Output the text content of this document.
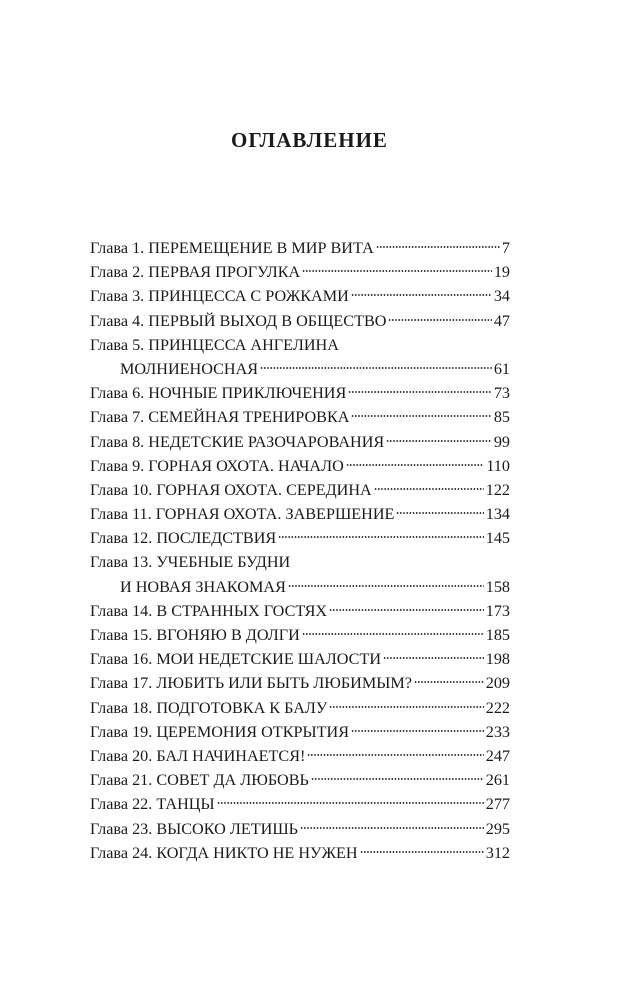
ОГЛАВЛЕНИЕ
Глава 1. ПЕРЕМЕЩЕНИЕ В МИР ВИТА	7
Глава 2. ПЕРВАЯ ПРОГУЛКА	19
Глава 3. ПРИНЦЕССА С РОЖКАМИ	34
Глава 4. ПЕРВЫЙ ВЫХОД В ОБЩЕСТВО	47
Глава 5. ПРИНЦЕССА АНГЕЛИНА
МОЛНИЕНОСНАЯ	61
Глава 6. НОЧНЫЕ ПРИКЛЮЧЕНИЯ	73
Глава 7. СЕМЕЙНАЯ ТРЕНИРОВКА	85
Глава 8. НЕДЕТСКИЕ РАЗОЧАРОВАНИЯ	99
Глава 9. ГОРНАЯ ОХОТА. НАЧАЛО	110
Глава 10. ГОРНАЯ ОХОТА. СЕРЕДИНА	122
Глава 11. ГОРНАЯ ОХОТА. ЗАВЕРШЕНИЕ	134
Глава 12. ПОСЛЕДСТВИЯ	145
Глава 13. УЧЕБНЫЕ БУДНИ
И НОВАЯ ЗНАКОМАЯ	158
Глава 14. В СТРАННЫХ ГОСТЯХ	173
Глава 15. ВГОНЯЮ В ДОЛГИ	185
Глава 16. МОИ НЕДЕТСКИЕ ШАЛОСТИ	198
Глава 17. ЛЮБИТЬ ИЛИ БЫТЬ ЛЮБИМЫМ?	209
Глава 18. ПОДГОТОВКА К БАЛУ	222
Глава 19. ЦЕРЕМОНИЯ ОТКРЫТИЯ	233
Глава 20. БАЛ НАЧИНАЕТСЯ!	247
Глава 21. СОВЕТ ДА ЛЮБОВЬ	261
Глава 22. ТАНЦЫ	277
Глава 23. ВЫСОКО ЛЕТИШЬ	295
Глава 24. КОГДА НИКТО НЕ НУЖЕН	312
